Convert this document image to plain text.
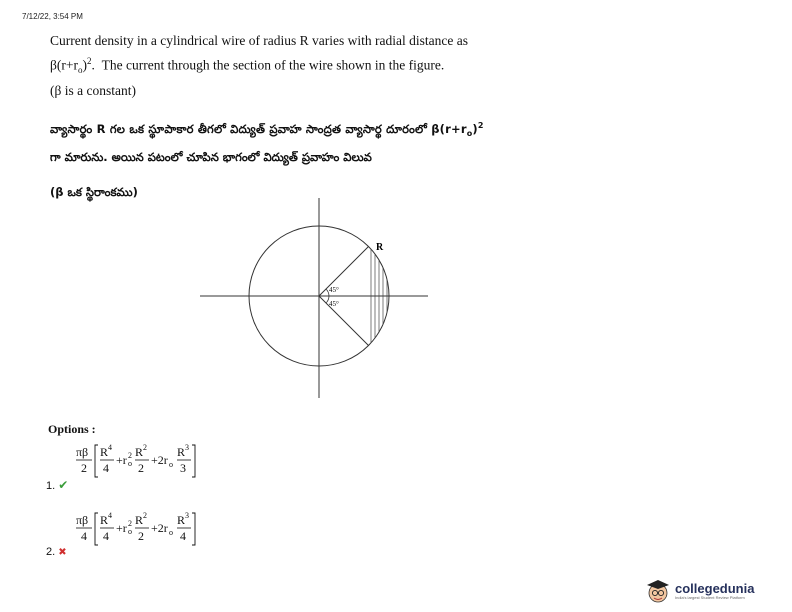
7/12/22, 3:54 PM
Current density in a cylindrical wire of radius R varies with radial distance as
$\beta(r+r_o)^2$.  The current through the section of the wire shown in the figure.
(β is a constant)
వ్యాసార్థం R గల ఒక స్థూపాకార తీగలో విద్యుత్ ప్రవాహ సాంద్రత వ్యాసార్థ దూరంలో $\beta(r+r_o)^2$
గా మారును. అయిన పటంలో చూపిన భాగంలో విద్యుత్ ప్రవాహం విలువ
(β ఒక స్థిరాంకము)
45°
45°
R
Options :
πβ
2
R 4
4
+r o
2 R 2
2
+2r o
R 3
3
1. ✔
πβ
4
R 4
4
+r o
2 R 2
2
+2r o
R 3
4
2. ✖
collegedunia
India's largest Student Review Platform
